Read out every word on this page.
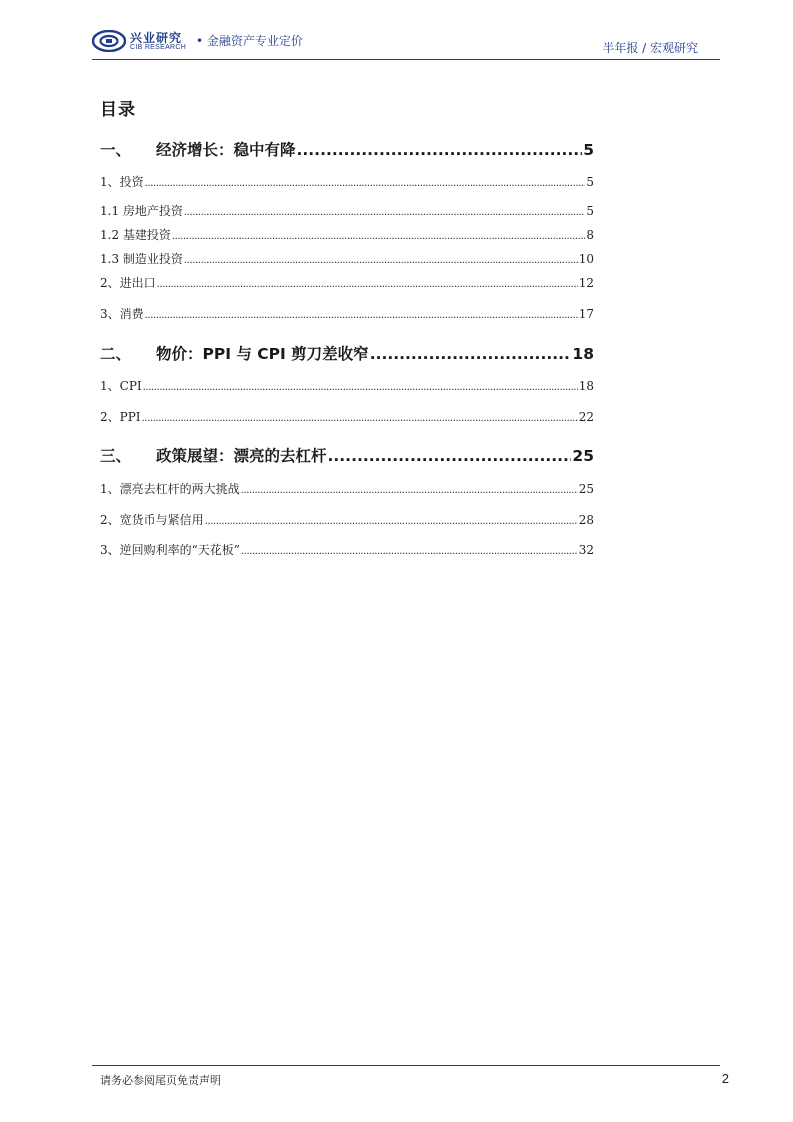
兴业研究
CIB RESEARCH • 金融资产专业定价	半年报 / 宏观研究
目录
一、 经济增长：稳中有降 .....	5
1、投资 .....	5
1.1 房地产投资 .....	5
1.2 基建投资 .....	8
1.3 制造业投资 .....	10
2、进出口 .....	12
3、消费 .....	17
二、 物价：PPI 与 CPI 剪刀差收窄 .....	18
1、CPI .....	18
2、PPI .....	22
三、 政策展望：漂亮的去杠杆 .....	25
1、漂亮去杠杆的两大挑战 .....	25
2、宽货币与紧信用 .....	28
3、逆回购利率的“天花板” .....	32
请务必参阅尾页免责声明	2
